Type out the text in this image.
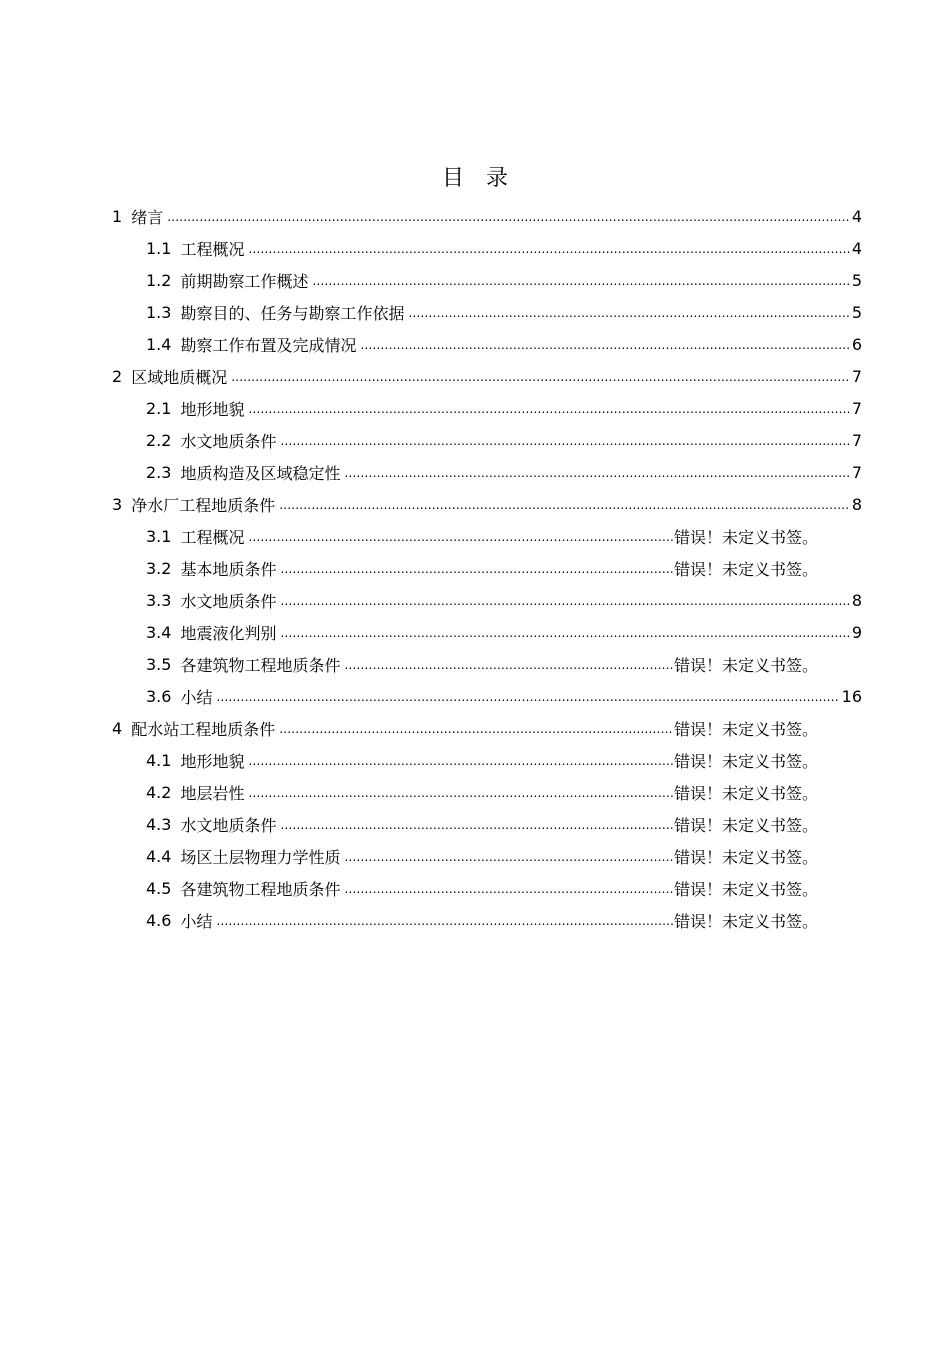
目　录
1 绪言 .....	4
1.1 工程概况 .....	4
1.2 前期勘察工作概述 .....	5
1.3 勘察目的、任务与勘察工作依据 .....	5
1.4 勘察工作布置及完成情况 .....	6
2 区域地质概况 .....	7
2.1 地形地貌 .....	7
2.2 水文地质条件 .....	7
2.3 地质构造及区域稳定性 .....	7
3 净水厂工程地质条件 .....	8
3.1 工程概况 .....	错误！未定义书签。
3.2 基本地质条件 .....	错误！未定义书签。
3.3 水文地质条件 .....	8
3.4 地震液化判别 .....	9
3.5 各建筑物工程地质条件 .....	错误！未定义书签。
3.6 小结 .....	16
4 配水站工程地质条件 .....	错误！未定义书签。
4.1 地形地貌 .....	错误！未定义书签。
4.2 地层岩性 .....	错误！未定义书签。
4.3 水文地质条件 .....	错误！未定义书签。
4.4 场区土层物理力学性质 .....	错误！未定义书签。
4.5 各建筑物工程地质条件 .....	错误！未定义书签。
4.6 小结 .....	错误！未定义书签。
